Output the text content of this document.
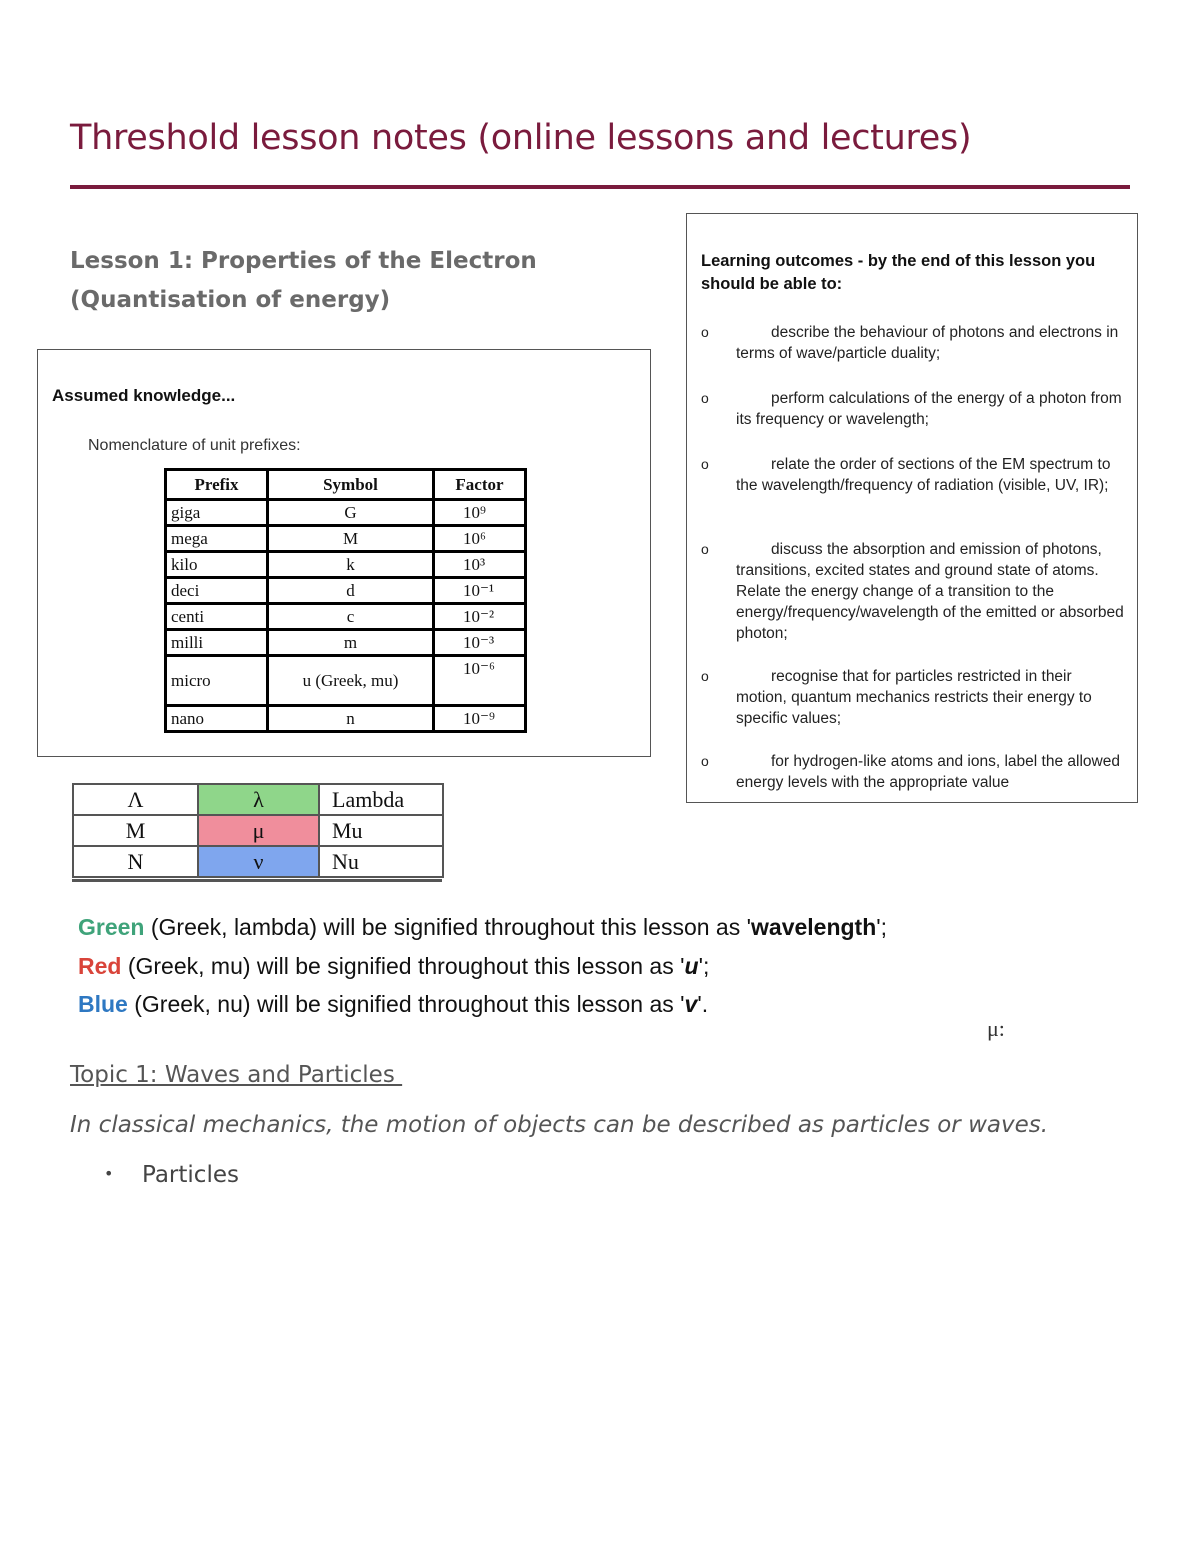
Threshold lesson notes (online lessons and lectures)
Lesson 1: Properties of the Electron
(Quantisation of energy)
Assumed knowledge...
Nomenclature of unit prefixes:
Prefix	Symbol	Factor
giga	G	10⁹
mega	M	10⁶
kilo	k	10³
deci	d	10⁻¹
centi	c	10⁻²
milli	m	10⁻³
micro	u (Greek, mu)	10⁻⁶
nano	n	10⁻⁹
Learning outcomes - by the end of this lesson you should be able to:
o	describe the behaviour of photons and electrons in terms of wave/particle duality;
o	perform calculations of the energy of a photon from its frequency or wavelength;
o	relate the order of sections of the EM spectrum to the wavelength/frequency of radiation (visible, UV, IR);
o	discuss the absorption and emission of photons, transitions, excited states and ground state of atoms. Relate the energy change of a transition to the energy/frequency/wavelength of the emitted or absorbed photon;
o	recognise that for particles restricted in their motion, quantum mechanics restricts their energy to specific values;
o	for hydrogen-like atoms and ions, label the allowed energy levels with the appropriate value
Λ	λ	Lambda
M	μ	Mu
N	ν	Nu
Green (Greek, lambda) will be signified throughout this lesson as 'wavelength';
Red (Greek, mu) will be signified throughout this lesson as 'u';
Blue (Greek, nu) will be signified throughout this lesson as 'v'.
μ:
Topic 1: Waves and Particles
In classical mechanics, the motion of objects can be described as particles or waves.
• Particles
